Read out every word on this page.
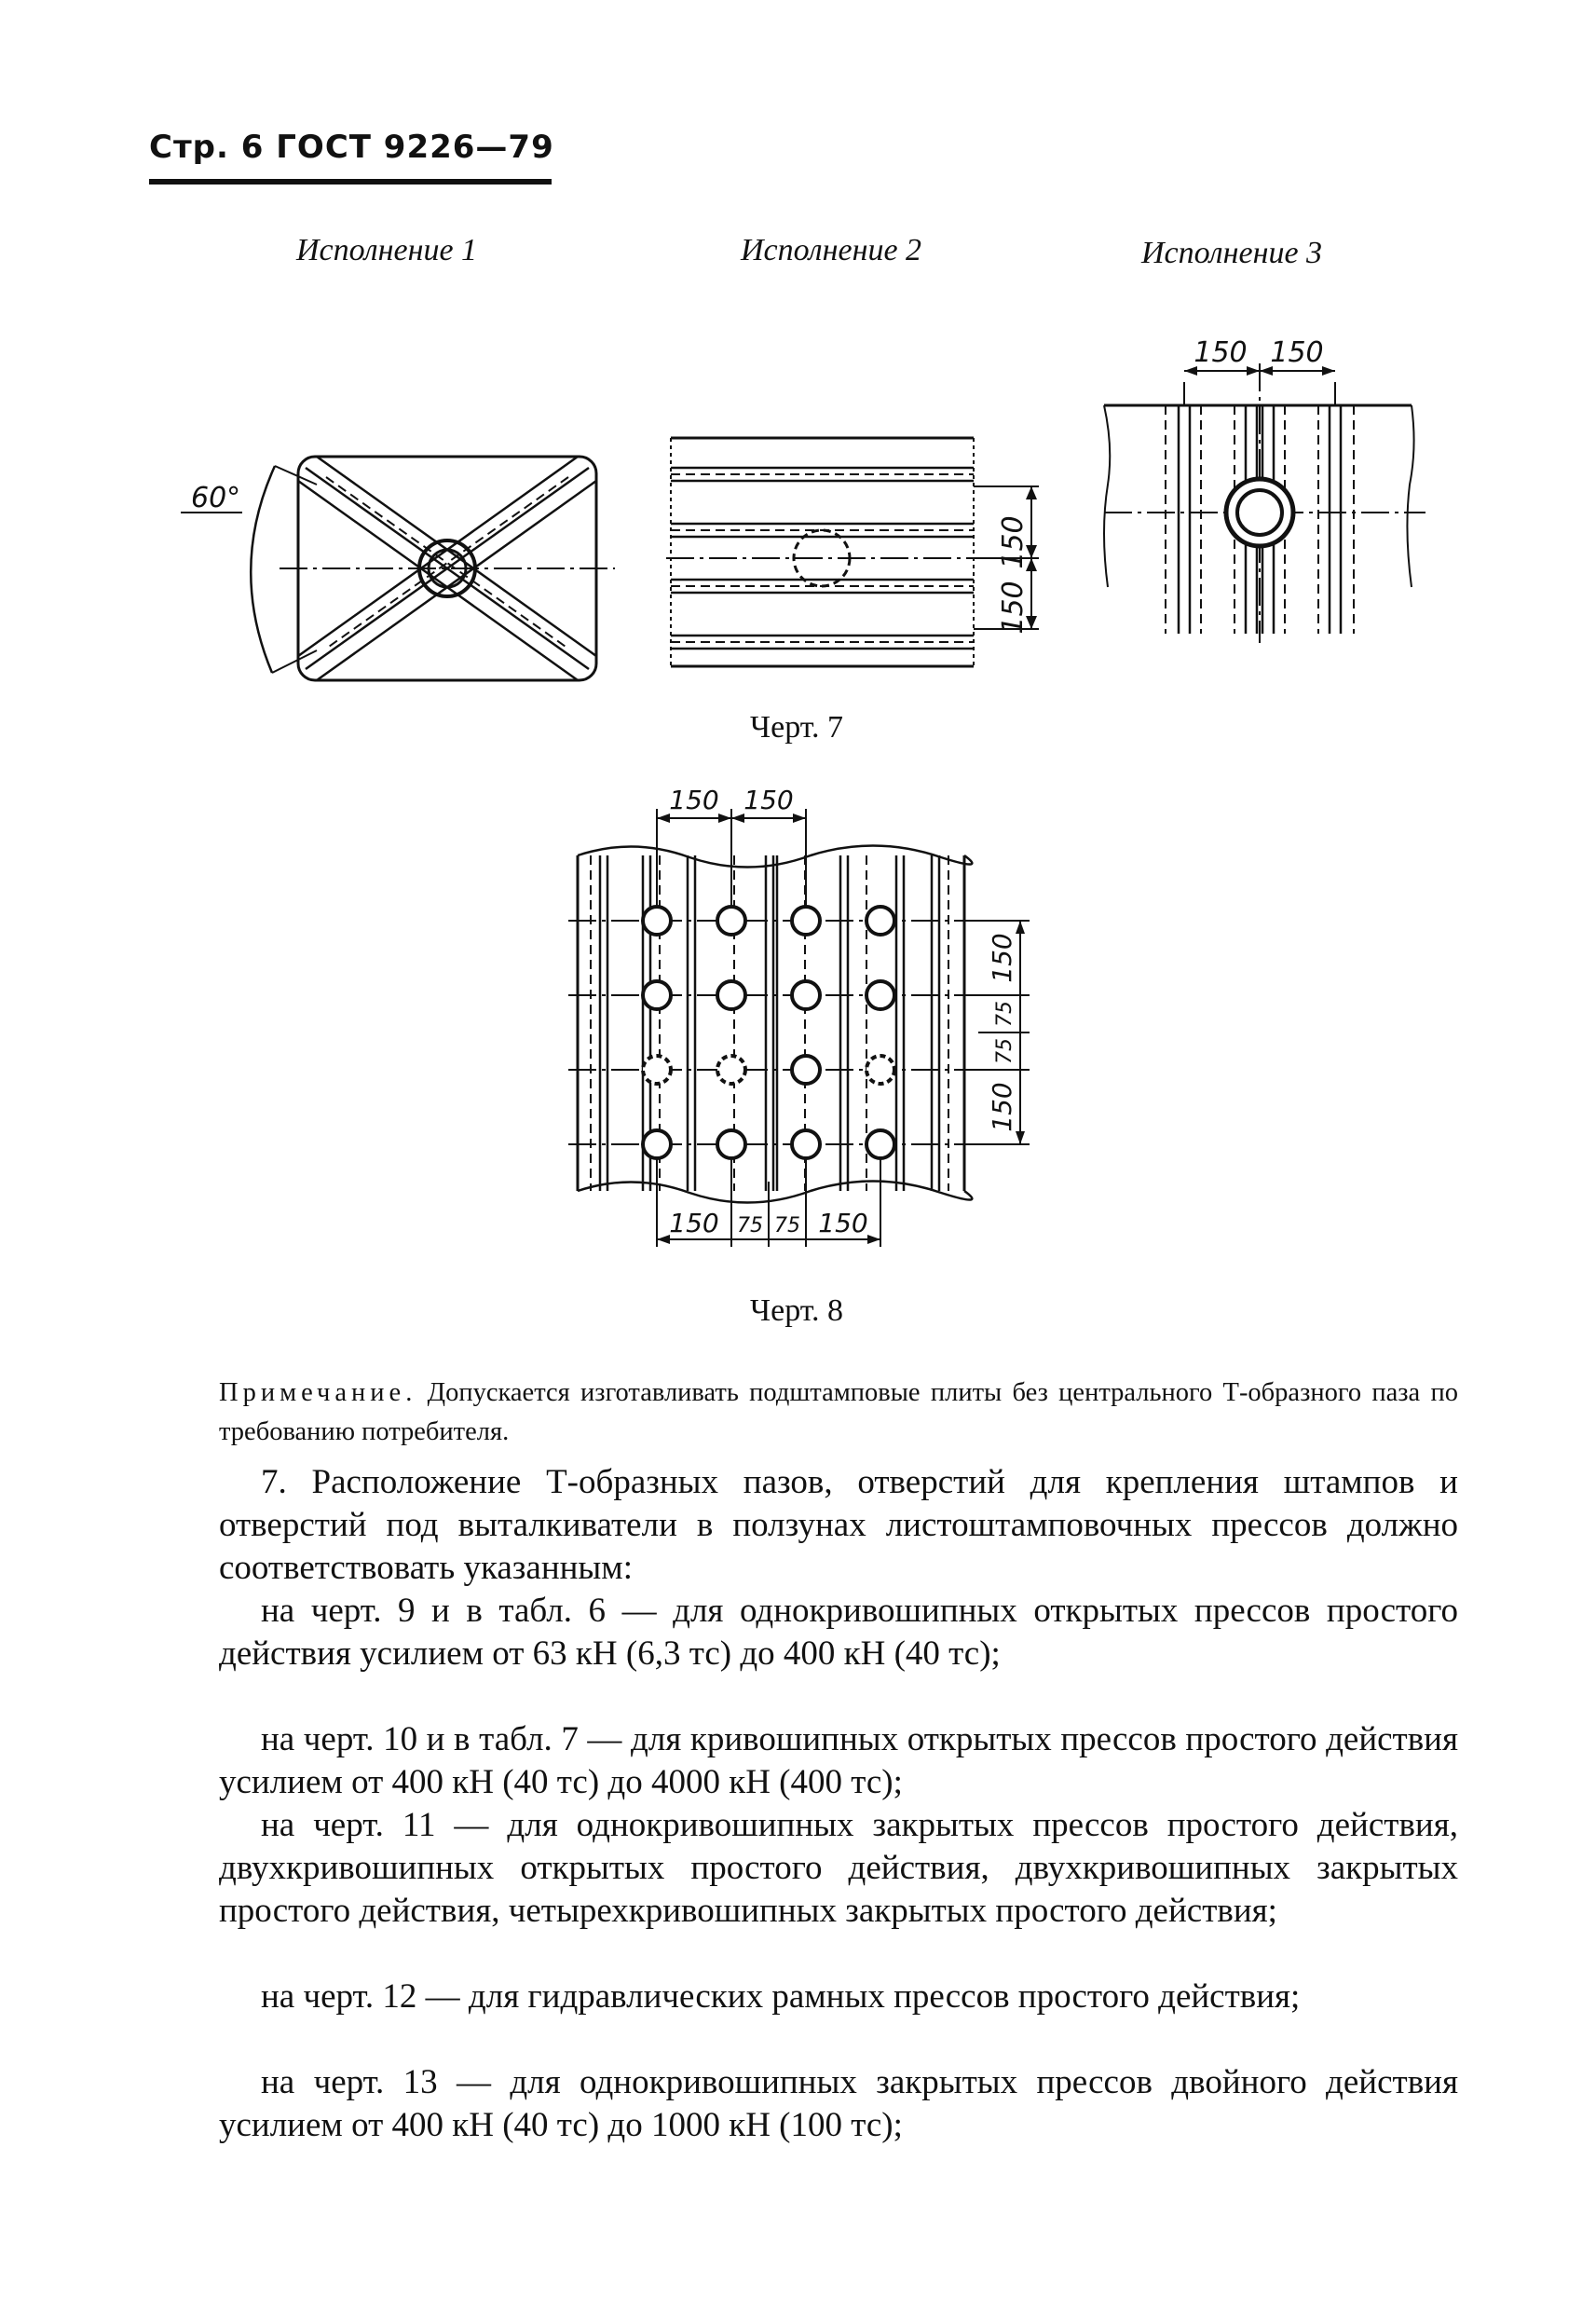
Стр. 6 ГОСТ 9226—79
Исполнение 1	Исполнение 2	Исполнение 3
60°
150
150
150 150
Черт. 7
150 150
150
75
75
150
150 75 75 150
Черт. 8
Примечание. Допускается изготавливать подштамповые плиты без центрального Т-образного паза по требованию потребителя.
7. Расположение Т-образных пазов, отверстий для крепления штампов и отверстий под выталкиватели в ползунах листоштамповочных прессов должно соответствовать указанным:
на черт. 9 и в табл. 6 — для однокривошипных открытых прессов простого действия усилием от 63 кН (6,3 тс) до 400 кН (40 тс);
на черт. 10 и в табл. 7 — для кривошипных открытых прессов простого действия усилием от 400 кН (40 тс) до 4000 кН (400 тс);
на черт. 11 — для однокривошипных закрытых прессов простого действия, двухкривошипных открытых простого действия, двухкривошипных закрытых простого действия, четырехкривошипных закрытых простого действия;
на черт. 12 — для гидравлических рамных прессов простого действия;
на черт. 13 — для однокривошипных закрытых прессов двойного действия усилием от 400 кН (40 тс) до 1000 кН (100 тс);
